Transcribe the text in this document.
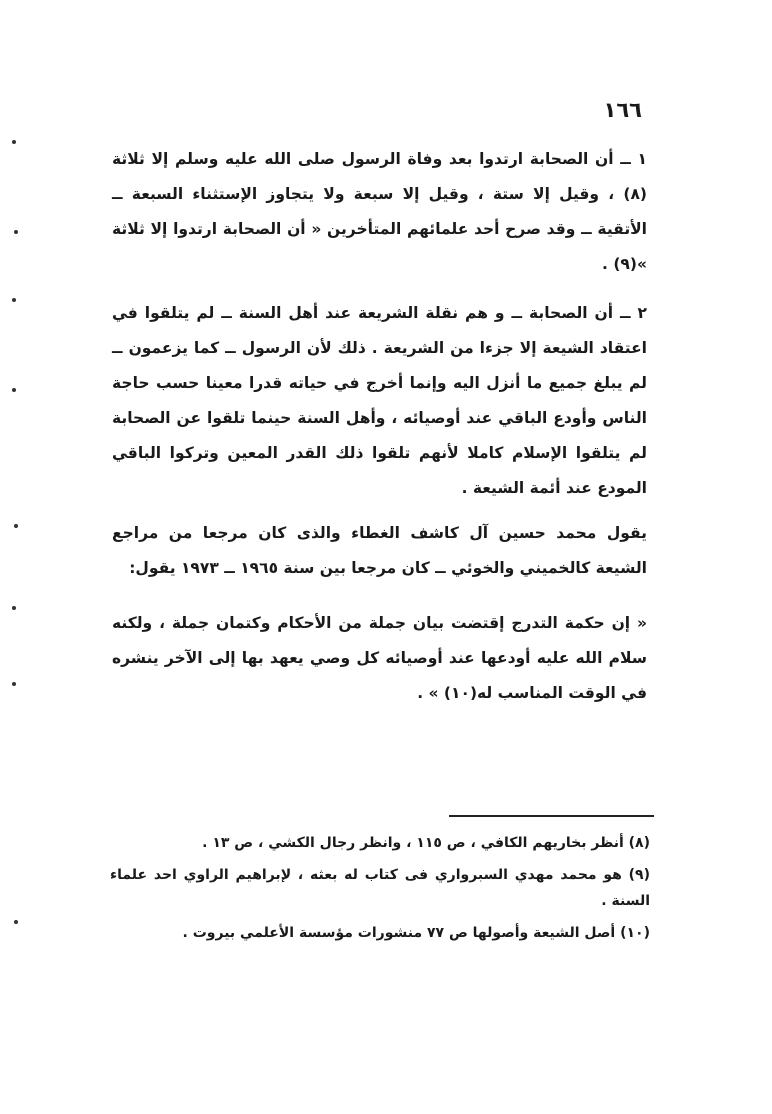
١٦٦

١ ــ أن الصحابة ارتدوا بعد وفاة الرسول صلى الله عليه وسلم إلا ثلاثة (٨) ، وقيل إلا ستة ، وقيل إلا سبعة ولا يتجاوز الإستثناء السبعة ــ الأتقية ــ وقد صرح أحد علمائهم المتأخرين « أن الصحابة ارتدوا إلا ثلاثة »(٩) .

٢ ــ أن الصحابة ــ و هم نقلة الشريعة عند أهل السنة ــ لم يتلقوا في اعتقاد الشيعة إلا جزءا من الشريعة . ذلك لأن الرسول ــ كما يزعمون ــ لم يبلغ جميع ما أنزل اليه وإنما أخرج في حياته قدرا معينا حسب حاجة الناس وأودع الباقي عند أوصيائه ، وأهل السنة حينما تلقوا عن الصحابة لم يتلقوا الإسلام كاملا لأنهم تلقوا ذلك القدر المعين وتركوا الباقي المودع عند أئمة الشيعة .

يقول محمد حسين آل كاشف الغطاء والذى كان مرجعا من مراجع الشيعة كالخميني والخوئي ــ كان مرجعا بين سنة ١٩٦٥ ــ ١٩٧٣ يقول:

« إن حكمة التدرج إقتضت بيان جملة من الأحكام وكتمان جملة ، ولكنه سلام الله عليه أودعها عند أوصيائه كل وصي يعهد بها إلى الآخر ينشره في الوقت المناسب له(١٠) » .

(٨) أنظر بخاريهم الكافي ، ص ١١٥ ، وانظر رجال الكشي ، ص ١٣ .

(٩) هو محمد مهدي السبرواري فى كتاب له بعثه ، لإبراهيم الراوي احد علماء السنة .

(١٠) أصل الشيعة وأصولها ص ٧٧ منشورات مؤسسة الأعلمي بيروت .
